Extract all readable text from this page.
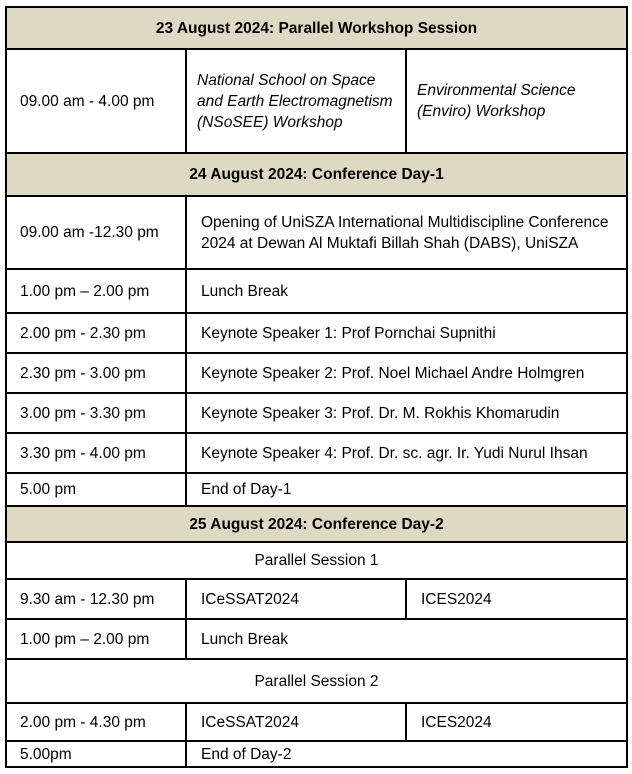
23 August 2024: Parallel Workshop Session		
09.00 am - 4.00 pm	National School on Space and Earth Electromagnetism (NSoSEE) Workshop	Environmental Science (Enviro) Workshop
24 August 2024: Conference Day-1		
09.00 am -12.30 pm	Opening of UniSZA International Multidiscipline Conference 2024 at Dewan Al Muktafi Billah Shah (DABS), UniSZA	
1.00 pm – 2.00 pm	Lunch Break	
2.00 pm - 2.30 pm	Keynote Speaker 1: Prof Pornchai Supnithi	
2.30 pm - 3.00 pm	Keynote Speaker 2: Prof. Noel Michael Andre Holmgren	
3.00 pm - 3.30 pm	Keynote Speaker 3: Prof. Dr. M. Rokhis Khomarudin	
3.30 pm - 4.00 pm	Keynote Speaker 4: Prof. Dr. sc. agr. Ir. Yudi Nurul Ihsan	
5.00 pm	End of Day-1	
25 August 2024: Conference Day-2		
Parallel Session 1		
9.30 am - 12.30 pm	ICeSSAT2024	ICES2024
1.00 pm – 2.00 pm	Lunch Break	
Parallel Session 2		
2.00 pm - 4.30 pm	ICeSSAT2024	ICES2024
5.00pm	End of Day-2	
